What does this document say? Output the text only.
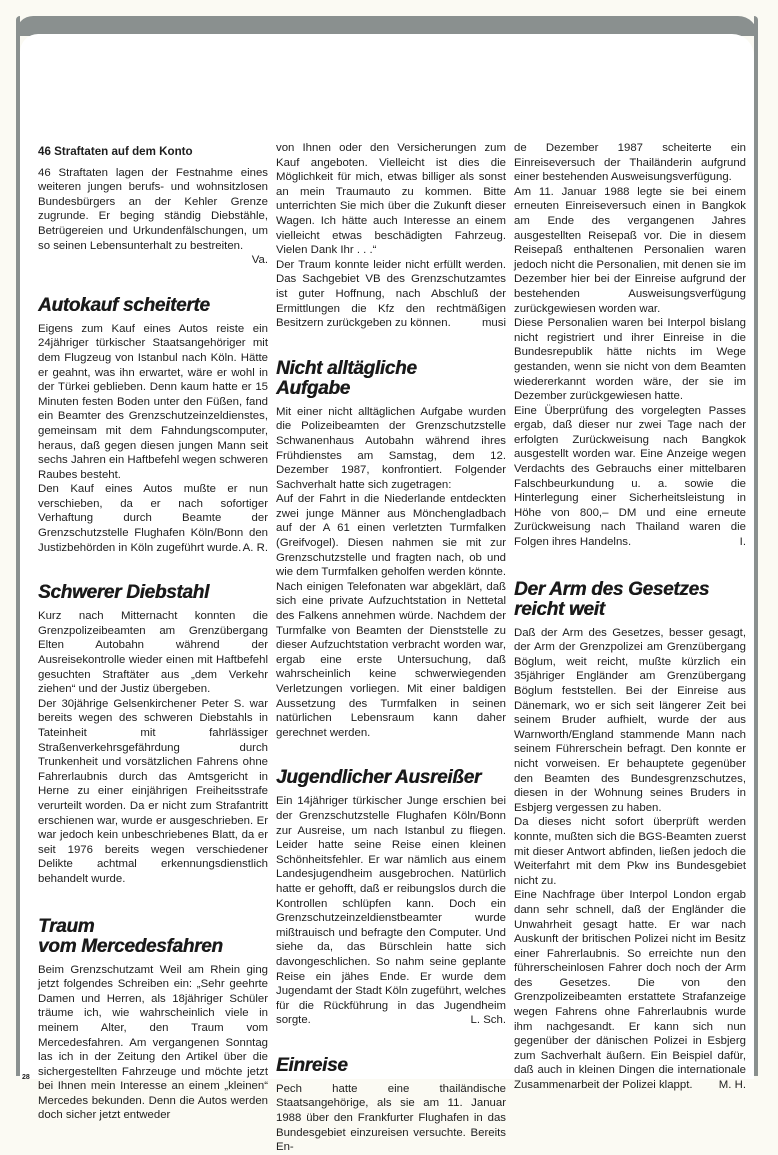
46 Straftaten auf dem Konto

46 Straftaten lagen der Festnahme eines weiteren jungen berufs- und wohnsitzlosen Bundesbürgers an der Kehler Grenze zugrunde. Er beging ständig Diebstähle, Betrügereien und Urkundenfälschungen, um so seinen Lebensunterhalt zu bestreiten.

Va.

Autokauf scheiterte

Eigens zum Kauf eines Autos reiste ein 24jähriger türkischer Staatsangehöriger mit dem Flugzeug von Istanbul nach Köln. Hätte er geahnt, was ihn erwartet, wäre er wohl in der Türkei geblieben. Denn kaum hatte er 15 Minuten festen Boden unter den Füßen, fand ein Beamter des Grenzschutzeinzeldienstes, gemeinsam mit dem Fahndungscomputer, heraus, daß gegen diesen jungen Mann seit sechs Jahren ein Haftbefehl wegen schweren Raubes besteht.

Den Kauf eines Autos mußte er nun verschieben, da er nach sofortiger Verhaftung durch Beamte der Grenzschutzstelle Flughafen Köln/Bonn den Justizbehörden in Köln zugeführt wurde. A. R.

Schwerer Diebstahl

Kurz nach Mitternacht konnten die Grenzpolizeibeamten am Grenzübergang Elten Autobahn während der Ausreisekontrolle wieder einen mit Haftbefehl gesuchten Straftäter aus „dem Verkehr ziehen“ und der Justiz übergeben.

Der 30jährige Gelsenkirchener Peter S. war bereits wegen des schweren Diebstahls in Tateinheit mit fahrlässiger Straßenverkehrsgefährdung durch Trunkenheit und vorsätzlichen Fahrens ohne Fahrerlaubnis durch das Amtsgericht in Herne zu einer einjährigen Freiheitsstrafe verurteilt worden. Da er nicht zum Strafantritt erschienen war, wurde er ausgeschrieben. Er war jedoch kein unbeschriebenes Blatt, da er seit 1976 bereits wegen verschiedener Delikte achtmal erkennungsdienstlich behandelt wurde.

Traum
vom Mercedesfahren

Beim Grenzschutzamt Weil am Rhein ging jetzt folgendes Schreiben ein: „Sehr geehrte Damen und Herren, als 18jähriger Schüler träume ich, wie wahrscheinlich viele in meinem Alter, den Traum vom Mercedesfahren. Am vergangenen Sonntag las ich in der Zeitung den Artikel über die sichergestellten Fahrzeuge und möchte jetzt bei Ihnen mein Interesse an einem „kleinen“ Mercedes bekunden. Denn die Autos werden doch sicher jetzt entweder

von Ihnen oder den Versicherungen zum Kauf angeboten. Vielleicht ist dies die Möglichkeit für mich, etwas billiger als sonst an mein Traumauto zu kommen. Bitte unterrichten Sie mich über die Zukunft dieser Wagen. Ich hätte auch Interesse an einem vielleicht etwas beschädigten Fahrzeug. Vielen Dank Ihr . . .“

Der Traum konnte leider nicht erfüllt werden. Das Sachgebiet VB des Grenzschutzamtes ist guter Hoffnung, nach Abschluß der Ermittlungen die Kfz den rechtmäßigen Besitzern zurückgeben zu können.	musi

Nicht alltägliche
Aufgabe

Mit einer nicht alltäglichen Aufgabe wurden die Polizeibeamten der Grenzschutzstelle Schwanenhaus Autobahn während ihres Frühdienstes am Samstag, dem 12. Dezember 1987, konfrontiert. Folgender Sachverhalt hatte sich zugetragen:

Auf der Fahrt in die Niederlande entdeckten zwei junge Männer aus Mönchengladbach auf der A 61 einen verletzten Turmfalken (Greifvogel). Diesen nahmen sie mit zur Grenzschutzstelle und fragten nach, ob und wie dem Turmfalken geholfen werden könnte. Nach einigen Telefonaten war abgeklärt, daß sich eine private Aufzuchtstation in Nettetal des Falkens annehmen würde. Nachdem der Turmfalke von Beamten der Dienststelle zu dieser Aufzuchtstation verbracht worden war, ergab eine erste Untersuchung, daß wahrscheinlich keine schwerwiegenden Verletzungen vorliegen. Mit einer baldigen Aussetzung des Turmfalken in seinen natürlichen Lebensraum kann daher gerechnet werden.

Jugendlicher Ausreißer

Ein 14jähriger türkischer Junge erschien bei der Grenzschutzstelle Flughafen Köln/Bonn zur Ausreise, um nach Istanbul zu fliegen. Leider hatte seine Reise einen kleinen Schönheitsfehler. Er war nämlich aus einem Landesjugendheim ausgebrochen. Natürlich hatte er gehofft, daß er reibungslos durch die Kontrollen schlüpfen kann. Doch ein Grenzschutzeinzeldienstbeamter wurde mißtrauisch und befragte den Computer. Und siehe da, das Bürschlein hatte sich davongeschlichen. So nahm seine geplante Reise ein jähes Ende. Er wurde dem Jugendamt der Stadt Köln zugeführt, welches für die Rückführung in das Jugendheim sorgte.	L. Sch.

Einreise

Pech hatte eine thailändische Staatsangehörige, als sie am 11. Januar 1988 über den Frankfurter Flughafen in das Bundesgebiet einzureisen versuchte. Bereits En-

de Dezember 1987 scheiterte ein Einreiseversuch der Thailänderin aufgrund einer bestehenden Ausweisungsverfügung.

Am 11. Januar 1988 legte sie bei einem erneuten Einreiseversuch einen in Bangkok am Ende des vergangenen Jahres ausgestellten Reisepaß vor. Die in diesem Reisepaß enthaltenen Personalien waren jedoch nicht die Personalien, mit denen sie im Dezember hier bei der Einreise aufgrund der bestehenden Ausweisungsverfügung zurückgewiesen worden war.

Diese Personalien waren bei Interpol bislang nicht registriert und ihrer Einreise in die Bundesrepublik hätte nichts im Wege gestanden, wenn sie nicht von dem Beamten wiedererkannt worden wäre, der sie im Dezember zurückgewiesen hatte.

Eine Überprüfung des vorgelegten Passes ergab, daß dieser nur zwei Tage nach der erfolgten Zurückweisung nach Bangkok ausgestellt worden war. Eine Anzeige wegen Verdachts des Gebrauchs einer mittelbaren Falschbeurkundung u. a. sowie die Hinterlegung einer Sicherheitsleistung in Höhe von 800,– DM und eine erneute Zurückweisung nach Thailand waren die Folgen ihres Handelns.	I.

Der Arm des Gesetzes
reicht weit

Daß der Arm des Gesetzes, besser gesagt, der Arm der Grenzpolizei am Grenzübergang Böglum, weit reicht, mußte kürzlich ein 35jähriger Engländer am Grenzübergang Böglum feststellen. Bei der Einreise aus Dänemark, wo er sich seit längerer Zeit bei seinem Bruder aufhielt, wurde der aus Warnworth/England stammende Mann nach seinem Führerschein befragt. Den konnte er nicht vorweisen. Er behauptete gegenüber den Beamten des Bundesgrenzschutzes, diesen in der Wohnung seines Bruders in Esbjerg vergessen zu haben.

Da dieses nicht sofort überprüft werden konnte, mußten sich die BGS-Beamten zuerst mit dieser Antwort abfinden, ließen jedoch die Weiterfahrt mit dem Pkw ins Bundesgebiet nicht zu.

Eine Nachfrage über Interpol London ergab dann sehr schnell, daß der Engländer die Unwahrheit gesagt hatte. Er war nach Auskunft der britischen Polizei nicht im Besitz einer Fahrerlaubnis. So erreichte nun den führerscheinlosen Fahrer doch noch der Arm des Gesetzes. Die von den Grenzpolizeibeamten erstattete Strafanzeige wegen Fahrens ohne Fahrerlaubnis wurde ihm nachgesandt. Er kann sich nun gegenüber der dänischen Polizei in Esbjerg zum Sachverhalt äußern. Ein Beispiel dafür, daß auch in kleinen Dingen die internationale Zusammenarbeit der Polizei klappt. M. H.

28
